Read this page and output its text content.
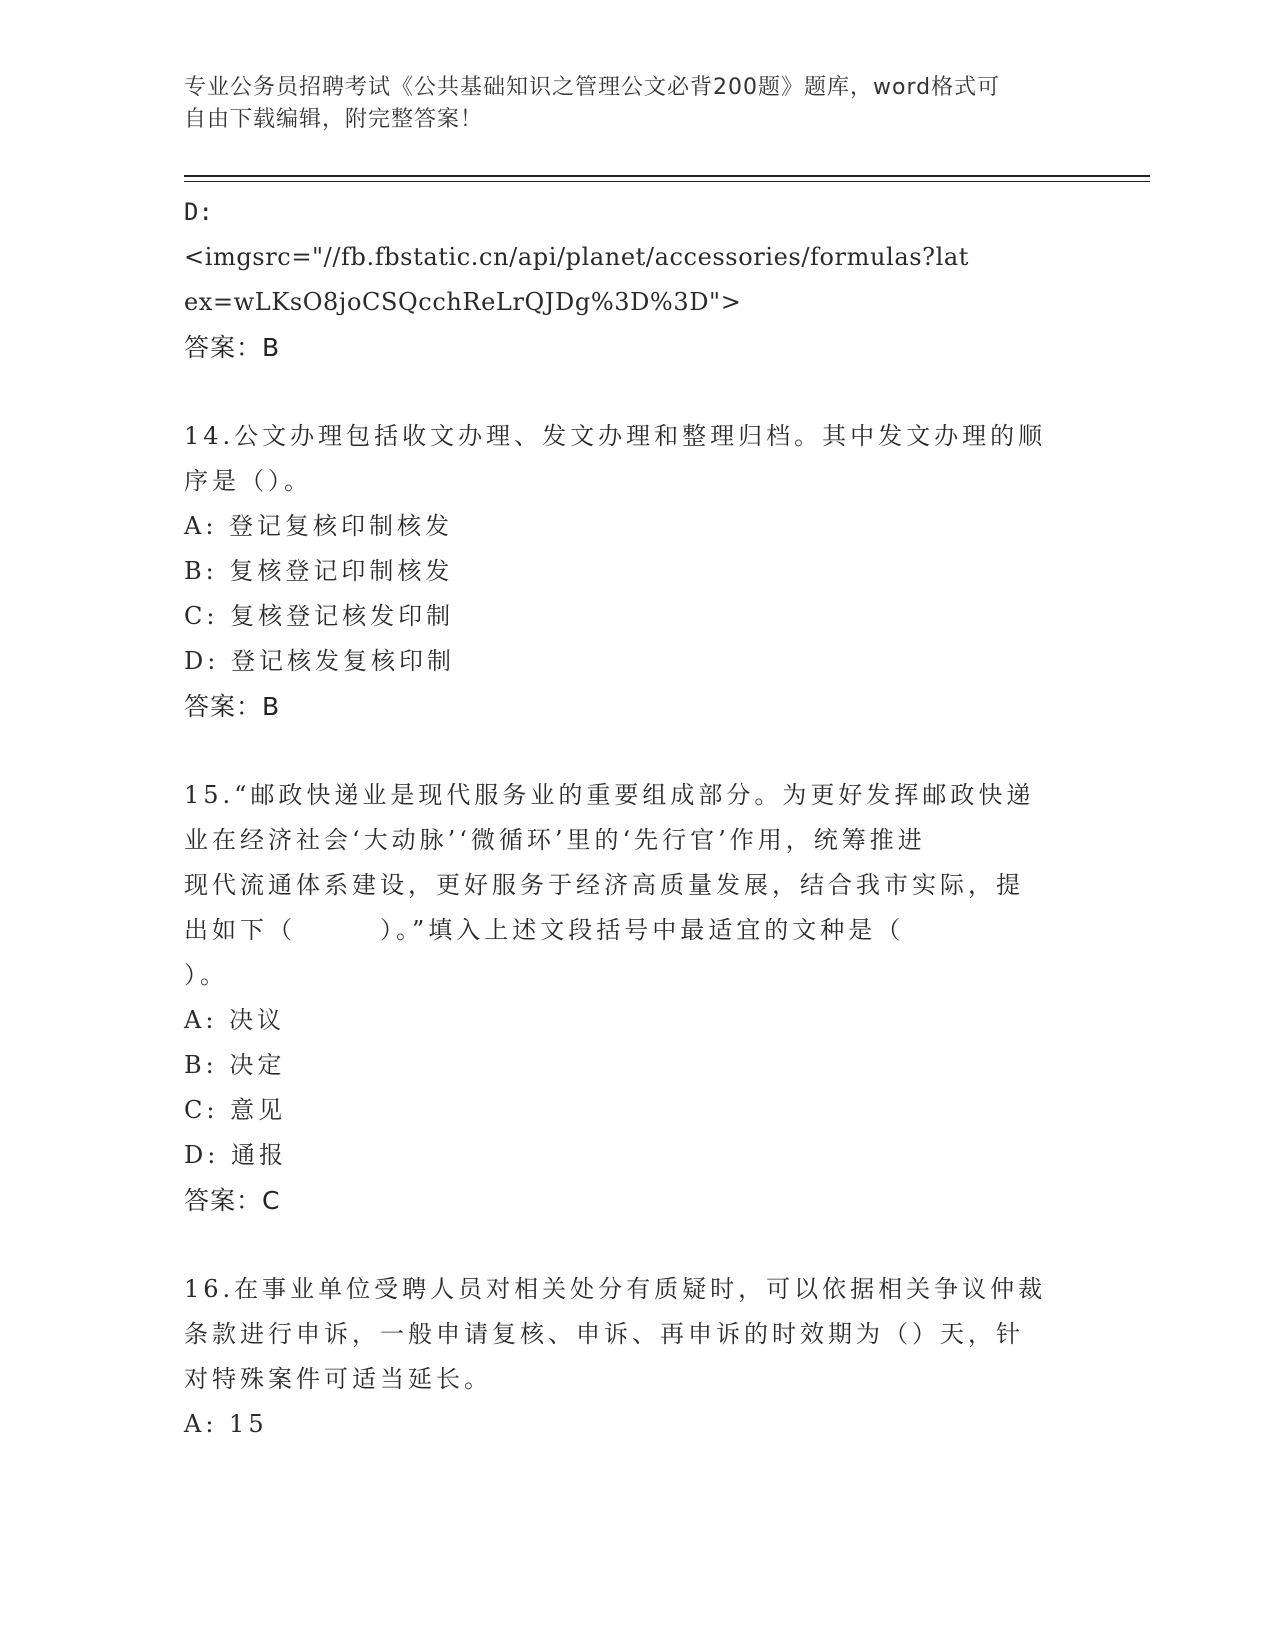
专业公务员招聘考试《公共基础知识之管理公文必背200题》题库，word格式可
自由下载编辑，附完整答案！
D:
<imgsrc="//fb.fbstatic.cn/api/planet/accessories/formulas?lat
ex=wLKsO8joCSQcchReLrQJDg%3D%3D">
答案：B
14.公文办理包括收文办理、发文办理和整理归档。其中发文办理的顺
序是（）。
A: 登记复核印制核发
B: 复核登记印制核发
C: 复核登记核发印制
D: 登记核发复核印制
答案：B
15.“邮政快递业是现代服务业的重要组成部分。为更好发挥邮政快递
业在经济社会‘大动脉’‘微循环’里的‘先行官’作用，统筹推进
现代流通体系建设，更好服务于经济高质量发展，结合我市实际，提
出如下（　　　）。”填入上述文段括号中最适宜的文种是（
）。
A: 决议
B: 决定
C: 意见
D: 通报
答案：C
16.在事业单位受聘人员对相关处分有质疑时，可以依据相关争议仲裁
条款进行申诉，一般申请复核、申诉、再申诉的时效期为（）天，针
对特殊案件可适当延长。
A: 15
